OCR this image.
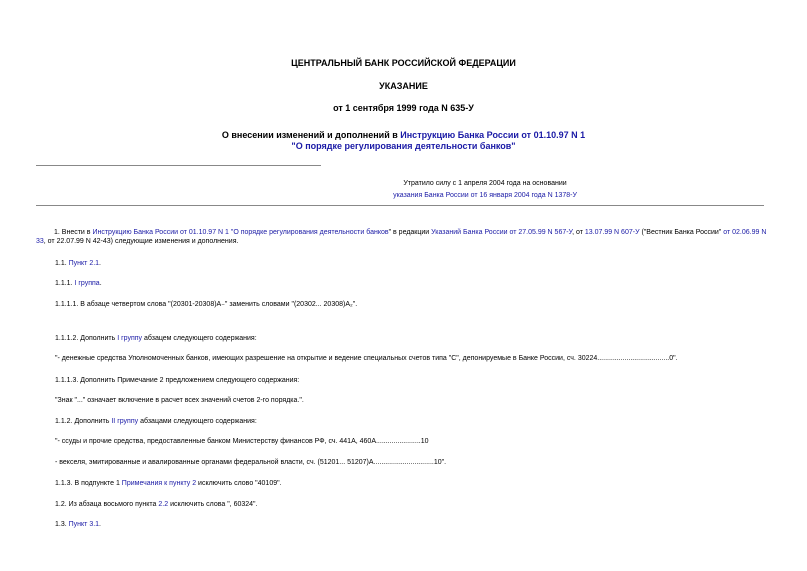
ЦЕНТРАЛЬНЫЙ БАНК РОССИЙСКОЙ ФЕДЕРАЦИИ
УКАЗАНИЕ
от 1 сентября 1999 года N 635-У
О внесении изменений и дополнений в Инструкцию Банка России от 01.10.97 N 1
"О порядке регулирования деятельности банков"
Утратило силу с 1 апреля 2004 года на основании
указания Банка России от 16 января 2004 года N 1378-У

1. Внести в Инструкцию Банка России от 01.10.97 N 1 "О порядке регулирования деятельности банков" в редакции Указаний Банка России от 27.05.99 N 567-У, от 13.07.99 N 607-У ("Вестник Банка России" от 02.06.99 N 33, от 22.07.99 N 42-43) следующие изменения и дополнения.

1.1. Пункт 2.1.

1.1.1. I группа.

1.1.1.1. В абзаце четвертом слова "(20301-20308)A₋" заменить словами "(20302... 20308)A₂".

1.1.1.2. Дополнить I группу абзацем следующего содержания:

"- денежные средства Уполномоченных банков, имеющих разрешение на открытие и ведение специальных счетов типа "С", депонируемые в Банке России, сч. 30224.....................................0".

1.1.1.3. Дополнить Примечание 2 предложением следующего содержания:

"Знак "..." означает включение в расчет всех значений счетов 2-го порядка.".

1.1.2. Дополнить II группу абзацами следующего содержания:

"- ссуды и прочие средства, предоставленные банком Министерству финансов РФ, сч. 441А, 460А.......................10

- векселя, эмитированные и авалированные органами федеральной власти, сч. (51201... 51207)А...............................10".

1.1.3. В подпункте 1 Примечания к пункту 2 исключить слово "40109".

1.2. Из абзаца восьмого пункта 2.2 исключить слова ", 60324".

1.3. Пункт 3.1.
